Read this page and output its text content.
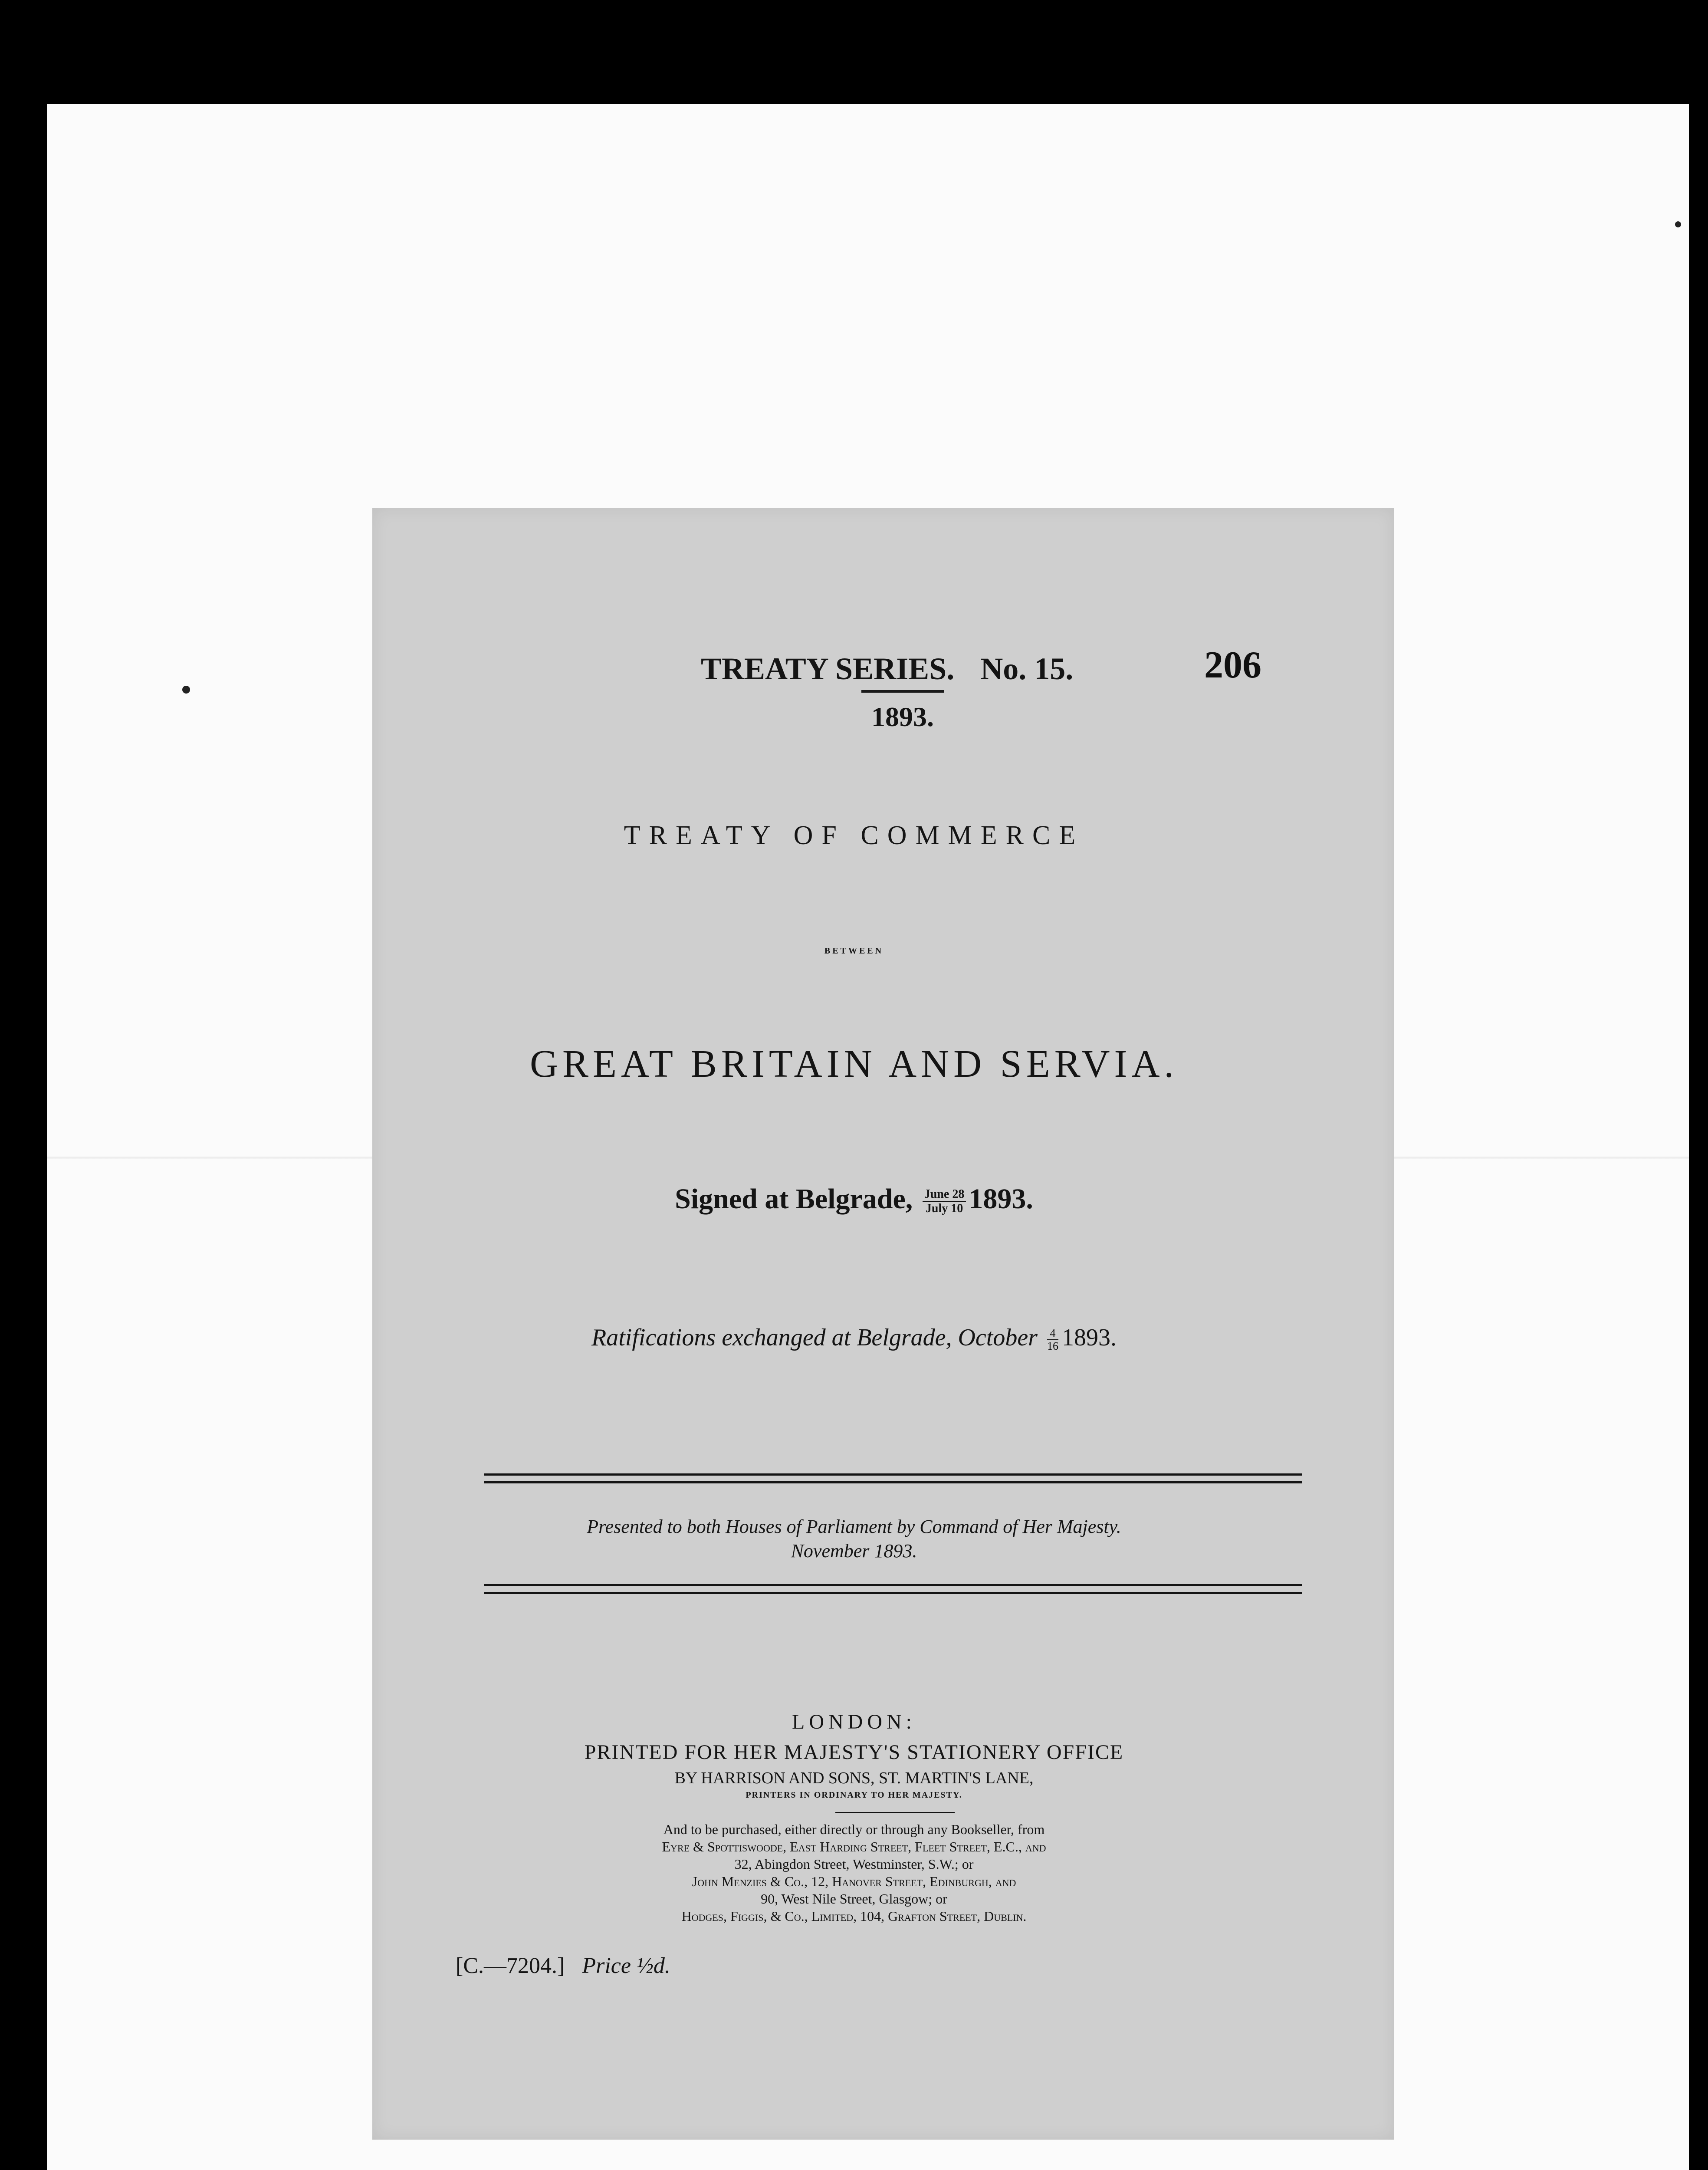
TREATY SERIES. No. 15.	206
1893.
TREATY OF COMMERCE
BETWEEN
GREAT BRITAIN AND SERVIA.
Signed at Belgrade, $\frac{\text{June 28}}{\text{July 10}} 1893$.
Ratifications exchanged at Belgrade, October $\frac{4}{16} 1893$.
Presented to both Houses of Parliament by Command of Her Majesty.
November 1893.
LONDON:
PRINTED FOR HER MAJESTY'S STATIONERY OFFICE
BY HARRISON AND SONS, ST. MARTIN'S LANE,
PRINTERS IN ORDINARY TO HER MAJESTY.
And to be purchased, either directly or through any Bookseller, from
Eyre & Spottiswoode, East Harding Street, Fleet Street, E.C., and
32, Abingdon Street, Westminster, S.W.; or
John Menzies & Co., 12, Hanover Street, Edinburgh, and
90, West Nile Street, Glasgow; or
Hodges, Figgis, & Co., Limited, 104, Grafton Street, Dublin.
[C.—7204.] Price ½d.
